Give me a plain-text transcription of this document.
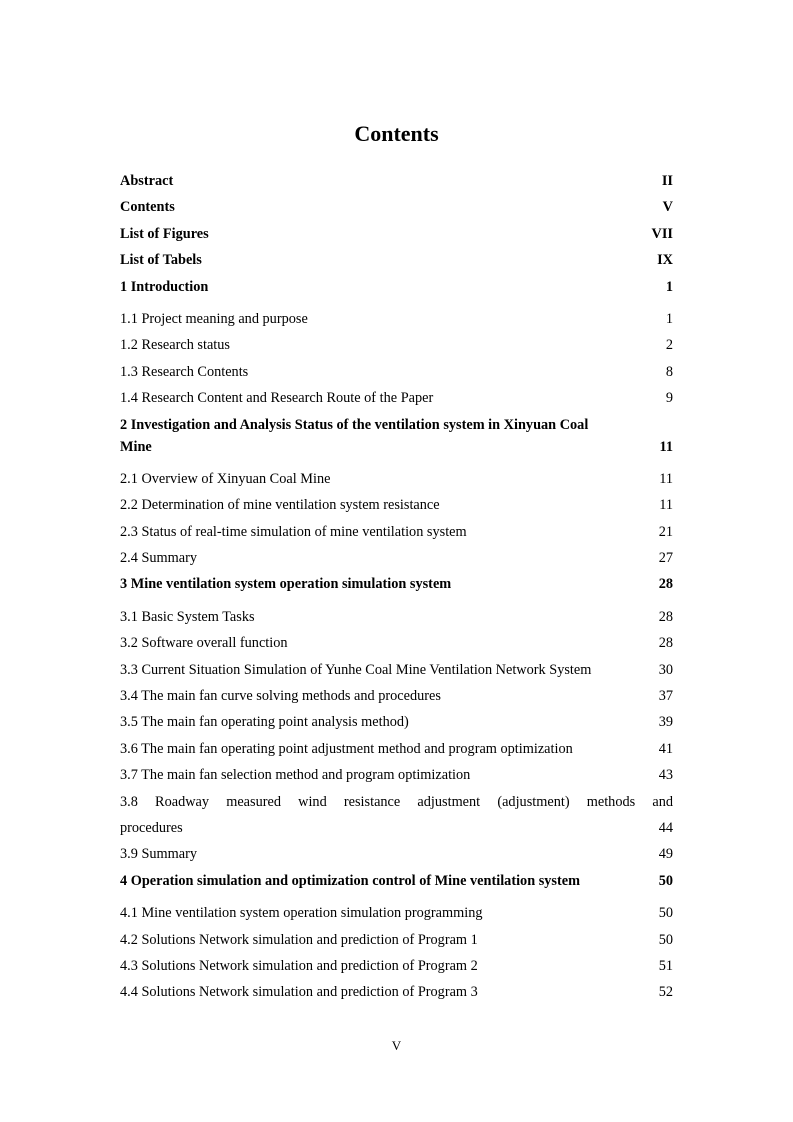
Contents
Abstract	II
Contents	V
List of Figures	VII
List of Tabels	IX
1 Introduction	1
1.1 Project meaning and purpose	1
1.2 Research status	2
1.3 Research Contents	8
1.4 Research Content and Research Route of the Paper	9
2 Investigation and Analysis Status of the ventilation system in Xinyuan Coal
Mine	11
2.1 Overview of Xinyuan Coal Mine	11
2.2 Determination of mine ventilation system resistance	11
2.3 Status of real-time simulation of mine ventilation system	21
2.4 Summary	27
3 Mine ventilation system operation simulation system	28
3.1 Basic System Tasks	28
3.2 Software overall function	28
3.3 Current Situation Simulation of Yunhe Coal Mine Ventilation Network System	30
3.4 The main fan curve solving methods and procedures	37
3.5 The main fan operating point analysis method)	39
3.6 The main fan operating point adjustment method and program optimization	41
3.7 The main fan selection method and program optimization	43
3.8 Roadway measured wind resistance adjustment (adjustment) methods and
procedures	44
3.9 Summary	49
4 Operation simulation and optimization control of Mine ventilation system	50
4.1 Mine ventilation system operation simulation programming	50
4.2 Solutions Network simulation and prediction of Program 1	50
4.3 Solutions Network simulation and prediction of Program 2	51
4.4 Solutions Network simulation and prediction of Program 3	52
V
